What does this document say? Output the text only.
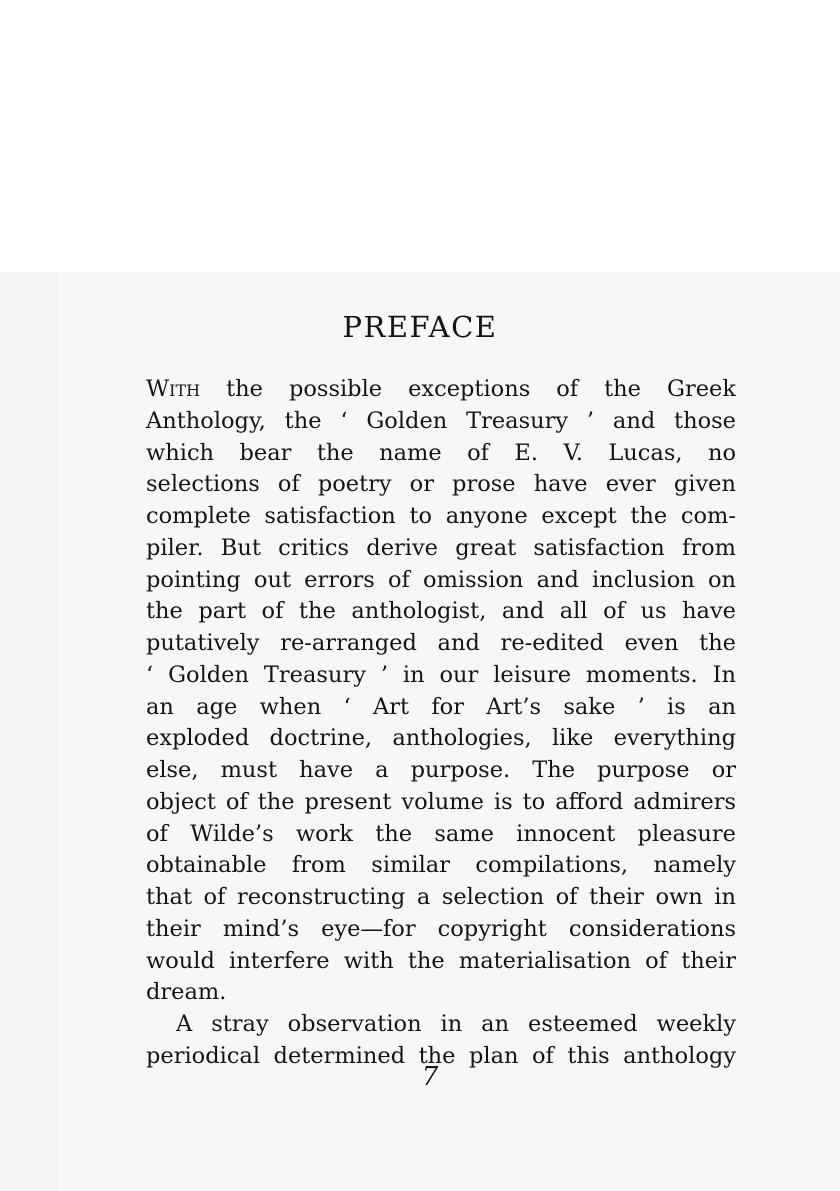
PREFACE
With the possible exceptions of the Greek
Anthology, the ‘ Golden Treasury ’ and those
which bear the name of E. V. Lucas, no
selections of poetry or prose have ever given
complete satisfaction to anyone except the com-
piler. But critics derive great satisfaction from
pointing out errors of omission and inclusion on
the part of the anthologist, and all of us have
putatively re-arranged and re-edited even the
‘ Golden Treasury ’ in our leisure moments. In
an age when ‘ Art for Art’s sake ’ is an
exploded doctrine, anthologies, like everything
else, must have a purpose. The purpose or
object of the present volume is to afford admirers
of Wilde’s work the same innocent pleasure
obtainable from similar compilations, namely
that of reconstructing a selection of their own in
their mind’s eye—for copyright considerations
would interfere with the materialisation of their
dream.
A stray observation in an esteemed weekly
periodical determined the plan of this anthology
7
